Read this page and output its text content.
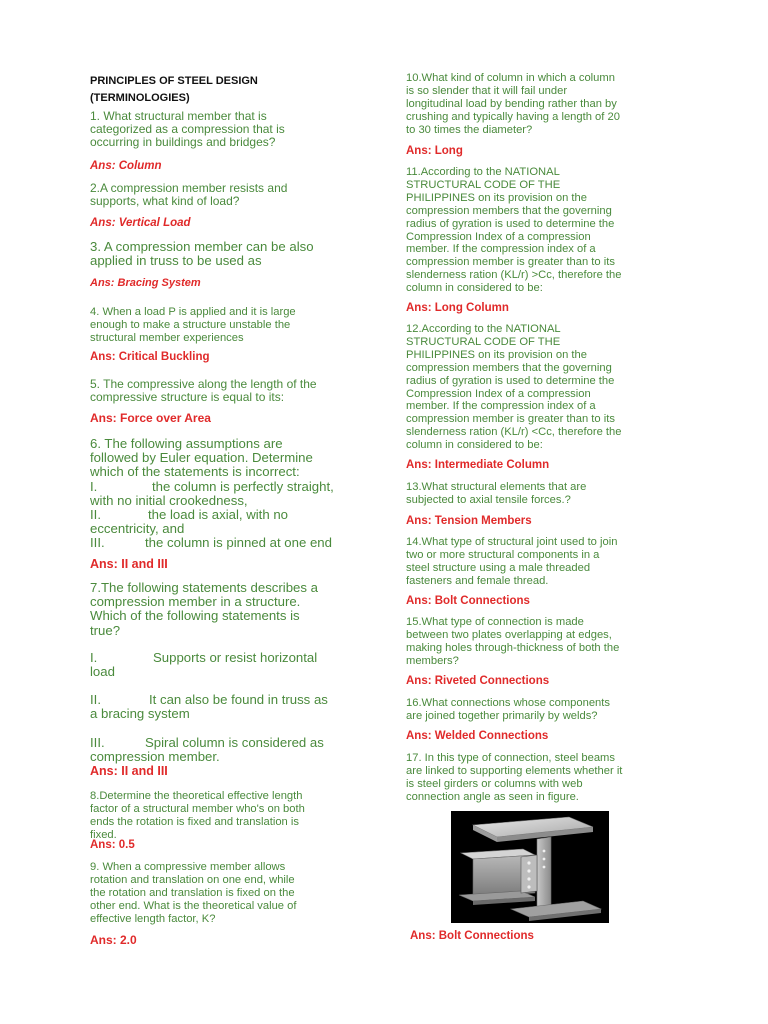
PRINCIPLES OF STEEL DESIGN
(TERMINOLOGIES)
1. What structural member that is
categorized as a compression that is
occurring in buildings and bridges?
Ans: Column
2.A compression member resists and
supports, what kind of load?
Ans: Vertical Load
3. A compression member can be also
applied in truss to be used as
Ans: Bracing System
4. When a load P is applied and it is large
enough to make a structure unstable the
structural member experiences
Ans: Critical Buckling
5. The compressive along the length of the
compressive structure is equal to its:
Ans: Force over Area
6. The following assumptions are
followed by Euler equation. Determine
which of the statements is incorrect:
I.	the column is perfectly straight,
with no initial crookedness,
II.	the load is axial, with no
eccentricity, and
III.	the column is pinned at one end
Ans: II and III
7.The following statements describes a
compression member in a structure.
Which of the following statements is
true?
I.	Supports or resist horizontal
load
II.	It can also be found in truss as
a bracing system
III.	Spiral column is considered as
compression member.
Ans: II and III
8.Determine the theoretical effective length
factor of a structural member who's on both
ends the rotation is fixed and translation is
fixed.
Ans: 0.5
9. When a compressive member allows
rotation and translation on one end, while
the rotation and translation is fixed on the
other end. What is the theoretical value of
effective length factor, K?
Ans: 2.0
10.What kind of column in which a column
is so slender that it will fail under
longitudinal load by bending rather than by
crushing and typically having a length of 20
to 30 times the diameter?
Ans: Long
11.According to the NATIONAL
STRUCTURAL CODE OF THE
PHILIPPINES on its provision on the
compression members that the governing
radius of gyration is used to determine the
Compression Index of a compression
member. If the compression index of a
compression member is greater than to its
slenderness ration (KL/r) >Cc, therefore the
column in considered to be:
Ans: Long Column
12.According to the NATIONAL
STRUCTURAL CODE OF THE
PHILIPPINES on its provision on the
compression members that the governing
radius of gyration is used to determine the
Compression Index of a compression
member. If the compression index of a
compression member is greater than to its
slenderness ration (KL/r) <Cc, therefore the
column in considered to be:
Ans: Intermediate Column
13.What structural elements that are
subjected to axial tensile forces.?
Ans: Tension Members
14.What type of structural joint used to join
two or more structural components in a
steel structure using a male threaded
fasteners and female thread.
Ans: Bolt Connections
15.What type of connection is made
between two plates overlapping at edges,
making holes through-thickness of both the
members?
Ans: Riveted Connections
16.What connections whose components
are joined together primarily by welds?
Ans: Welded Connections
17. In this type of connection, steel beams
are linked to supporting elements whether it
is steel girders or columns with web
connection angle as seen in figure.
Ans: Bolt Connections
